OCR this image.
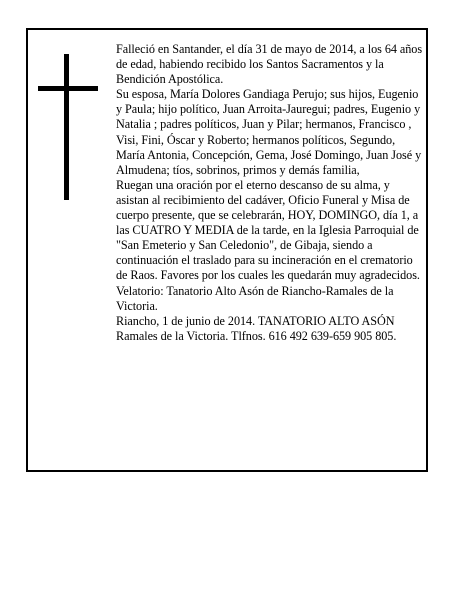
Falleció en Santander, el día 31 de mayo de 2014, a los 64 años de edad, habiendo recibido los Santos Sacramentos y la Bendición Apostólica.

Su esposa, María Dolores Gandiaga Perujo; sus hijos, Eugenio y Paula; hijo político, Juan Arroita-Jauregui; padres, Eugenio y Natalia ; padres políticos, Juan y Pilar; hermanos, Francisco , Visi, Fini, Óscar y Roberto; hermanos políticos, Segundo, María Antonia, Concepción, Gema, José Domingo, Juan José y Almudena; tíos, sobrinos, primos y demás familia,

Ruegan una oración por el eterno descanso de su alma, y asistan al recibimiento del cadáver, Oficio Funeral y Misa de cuerpo presente, que se celebrarán, HOY, DOMINGO, día 1, a las CUATRO Y MEDIA de la tarde, en la Iglesia Parroquial de "San Emeterio y San Celedonio", de Gibaja, siendo a continuación el traslado para su incineración en el crematorio de Raos. Favores por los cuales les quedarán muy agradecidos. Velatorio: Tanatorio Alto Asón de Riancho-Ramales de la Victoria.

Riancho, 1 de junio de 2014. TANATORIO ALTO ASÓN Ramales de la Victoria. Tlfnos. 616 492 639-659 905 805.
